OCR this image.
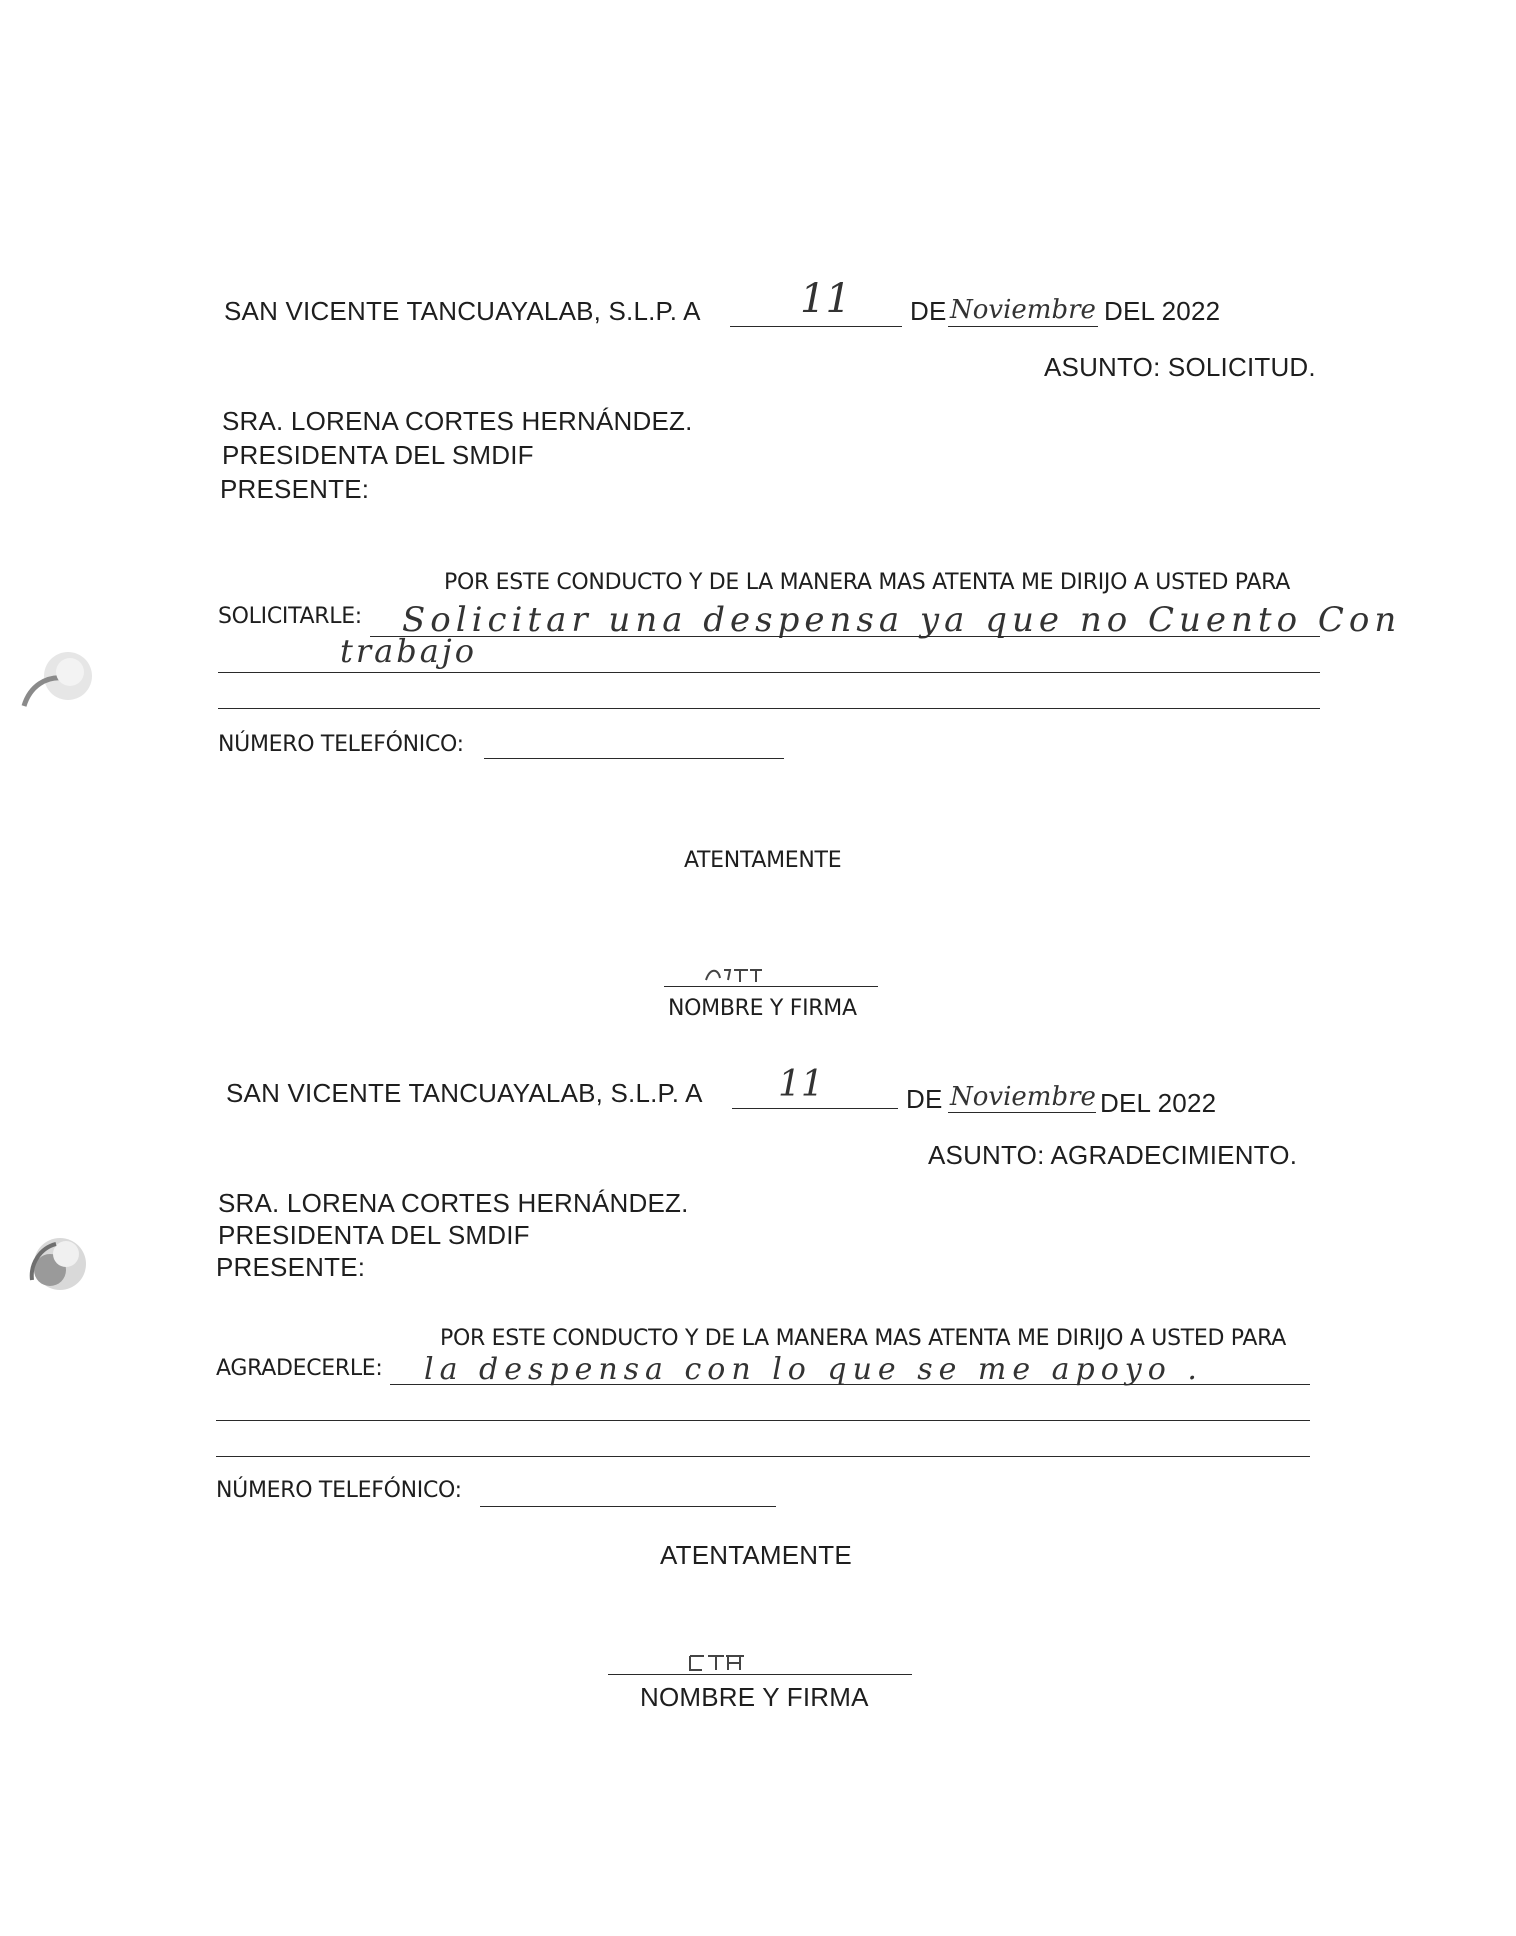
SAN VICENTE TANCUAYALAB, S.L.P. A 11 DE Noviembre DEL 2022
ASUNTO: SOLICITUD.
SRA. LORENA CORTES HERNÁNDEZ.
PRESIDENTA DEL SMDIF
PRESENTE:
POR ESTE CONDUCTO Y DE LA MANERA MAS ATENTA ME DIRIJO A USTED PARA
SOLICITARLE: Solicitar una despensa ya que no Cuento Con
trabajo
NÚMERO TELEFÓNICO:
ATENTAMENTE
NOMBRE Y FIRMA
SAN VICENTE TANCUAYALAB, S.L.P. A 11	DE Noviembre DEL 2022
ASUNTO: AGRADECIMIENTO.
SRA. LORENA CORTES HERNÁNDEZ.
PRESIDENTA DEL SMDIF
PRESENTE:
POR ESTE CONDUCTO Y DE LA MANERA MAS ATENTA ME DIRIJO A USTED PARA
AGRADECERLE: la despensa con lo que se me apoyo .
NÚMERO TELEFÓNICO:
ATENTAMENTE
NOMBRE Y FIRMA
